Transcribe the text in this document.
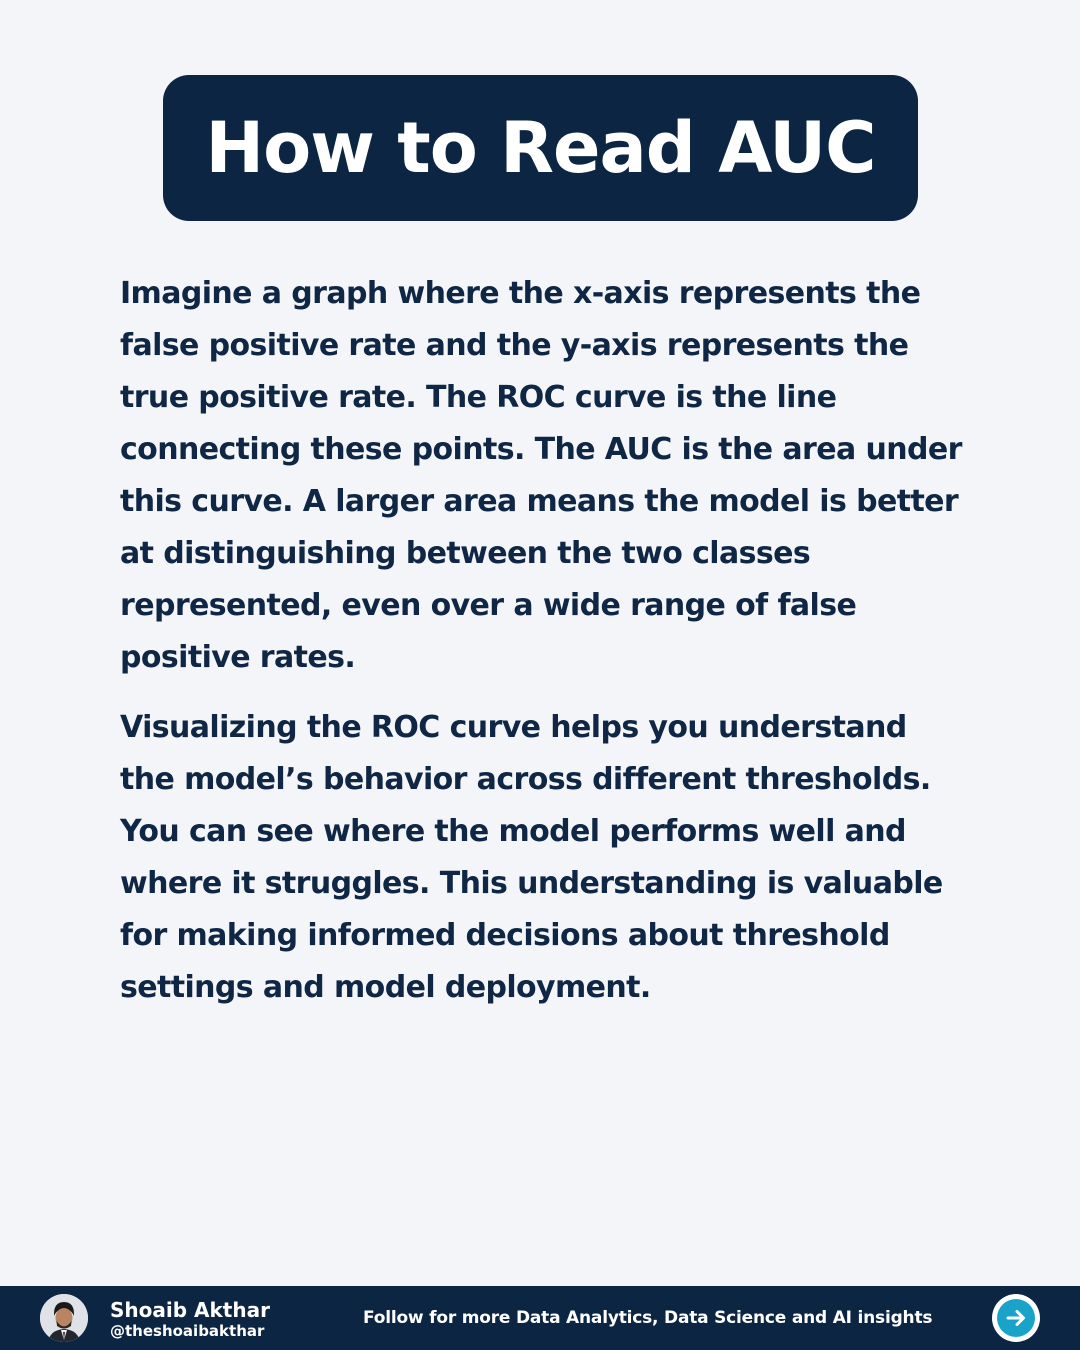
How to Read AUC

Imagine a graph where the x-axis represents the false positive rate and the y-axis represents the true positive rate. The ROC curve is the line connecting these points. The AUC is the area under this curve. A larger area means the model is better at distinguishing between the two classes represented, even over a wide range of false positive rates.

Visualizing the ROC curve helps you understand the model’s behavior across different thresholds. You can see where the model performs well and where it struggles. This understanding is valuable for making informed decisions about threshold settings and model deployment.

Shoaib Akthar
@theshoaibakthar
Follow for more Data Analytics, Data Science and AI insights
